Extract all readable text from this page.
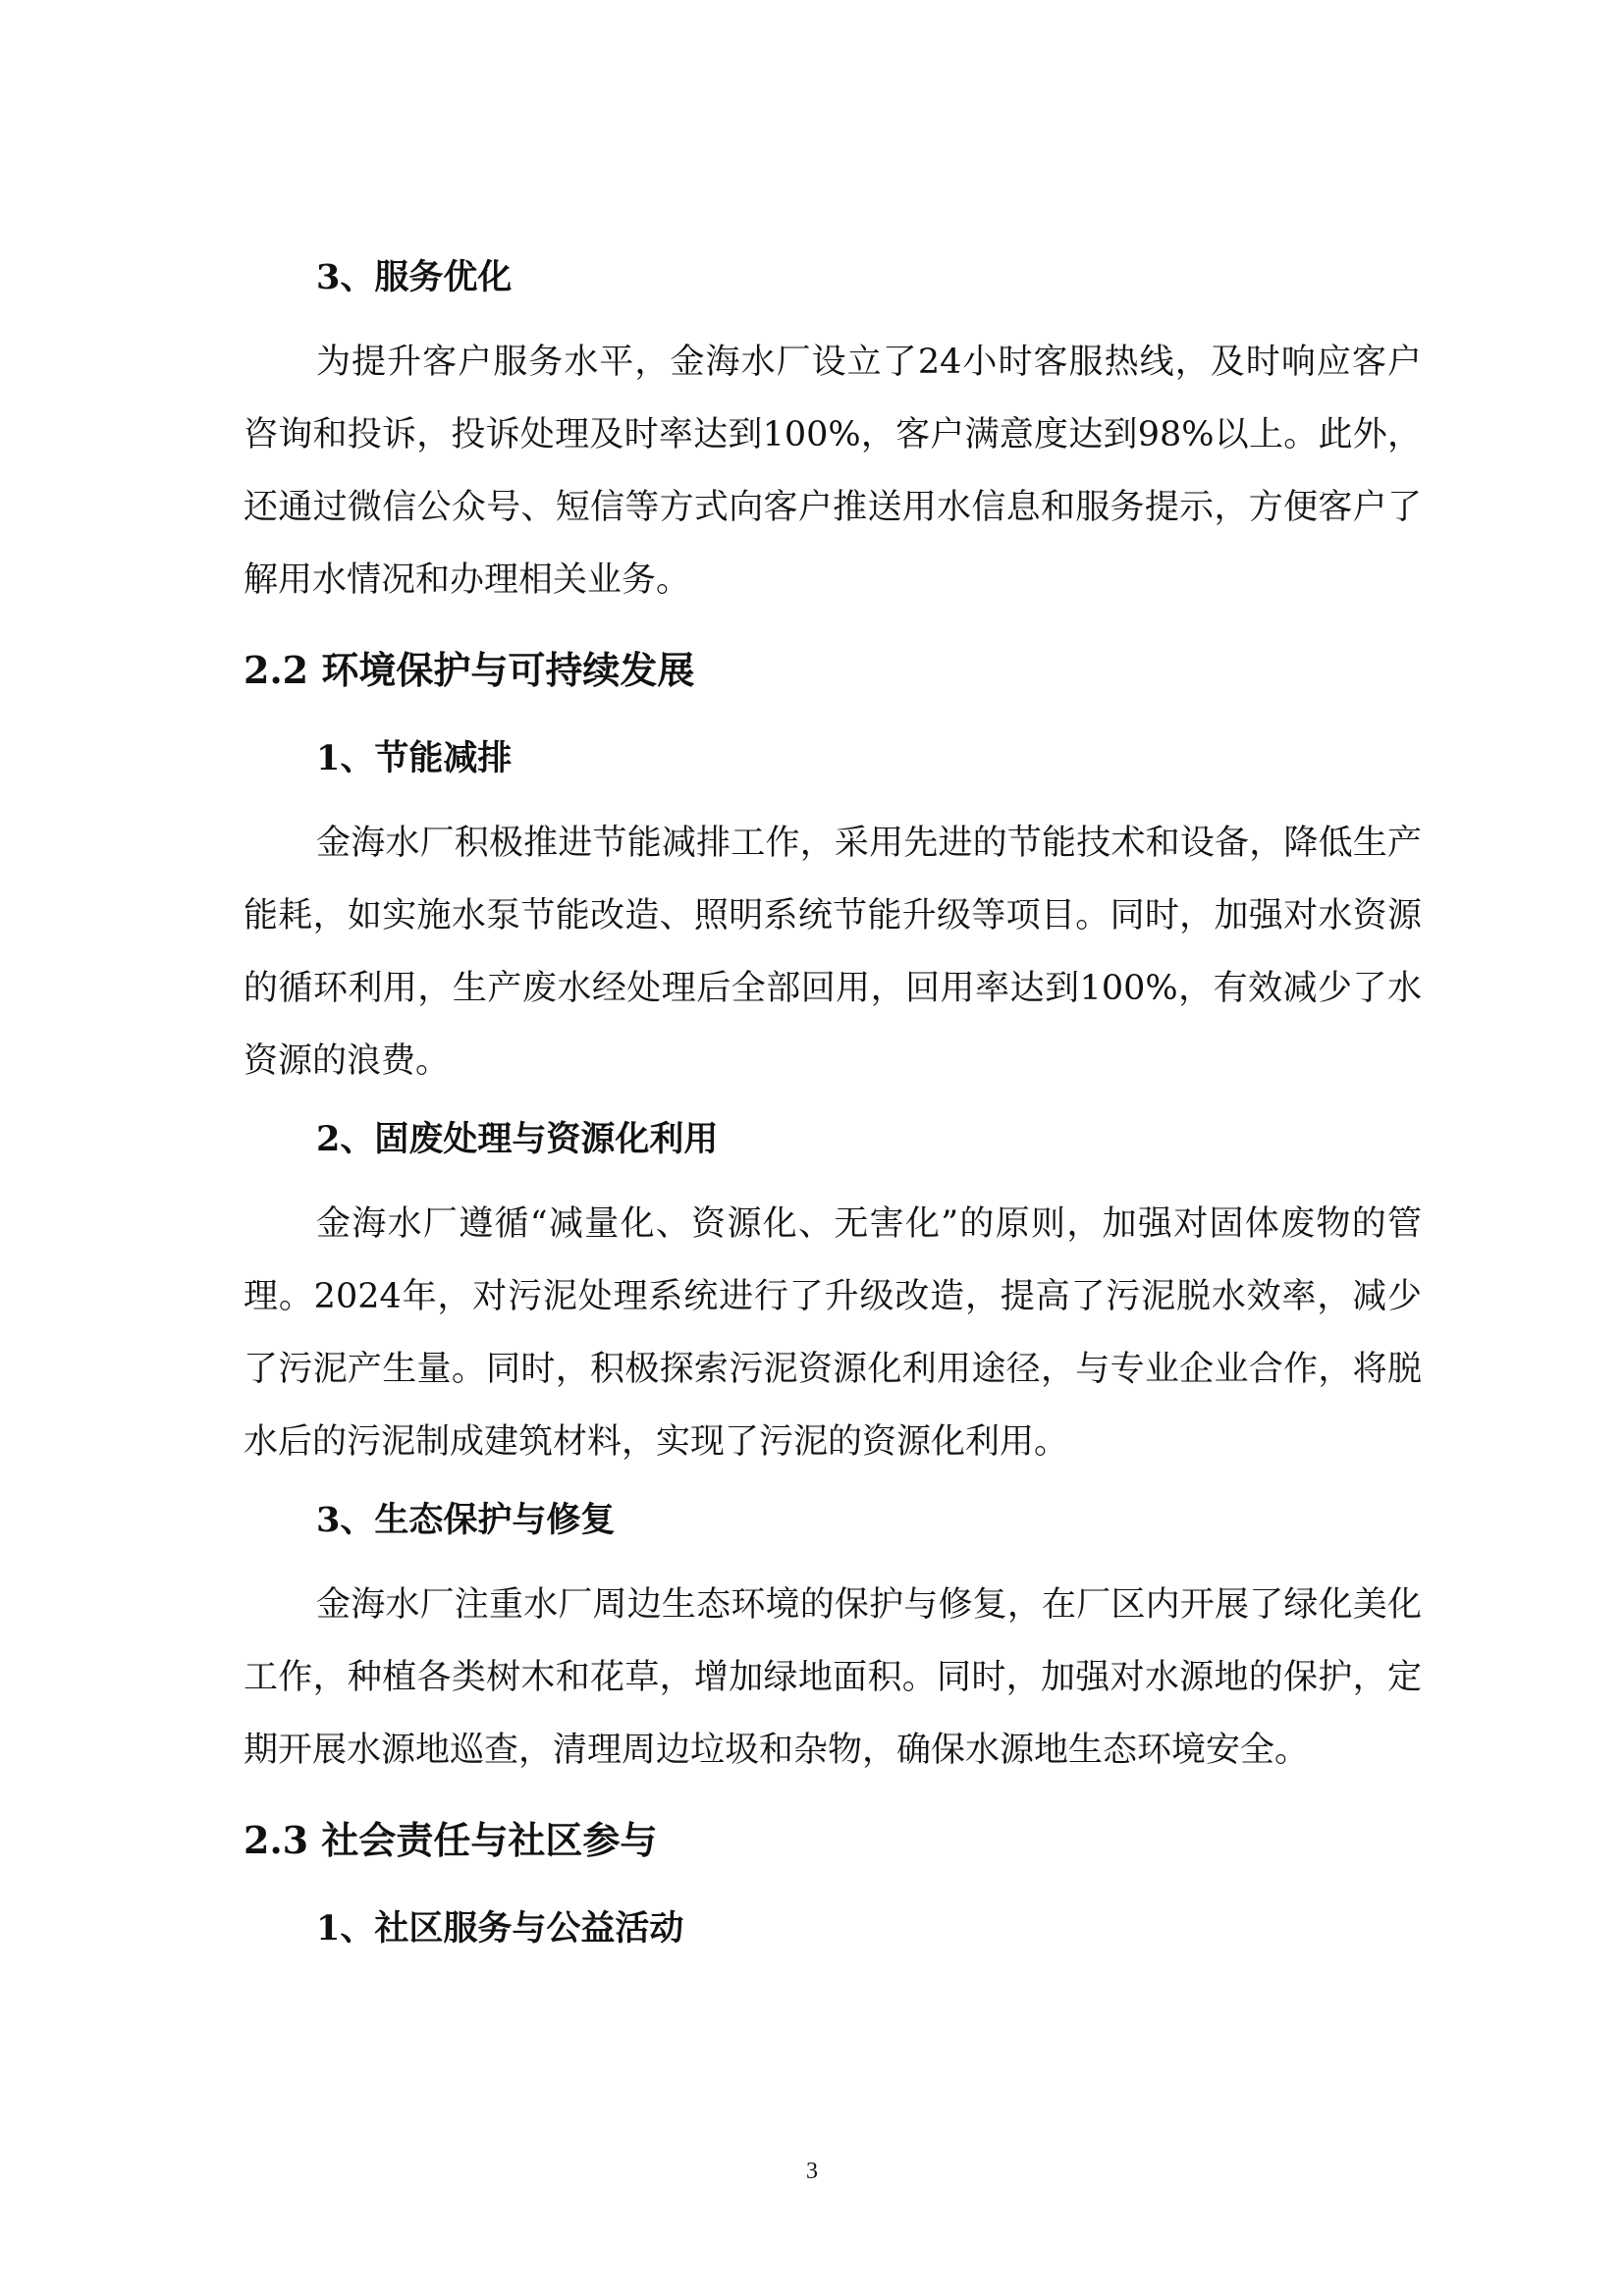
3、服务优化

为提升客户服务水平，金海水厂设立了24小时客服热线，及时响应客户咨询和投诉，投诉处理及时率达到100%，客户满意度达到98%以上。此外，还通过微信公众号、短信等方式向客户推送用水信息和服务提示，方便客户了解用水情况和办理相关业务。

2.2 环境保护与可持续发展
1、节能减排

金海水厂积极推进节能减排工作，采用先进的节能技术和设备，降低生产能耗，如实施水泵节能改造、照明系统节能升级等项目。同时，加强对水资源的循环利用，生产废水经处理后全部回用，回用率达到100%，有效减少了水资源的浪费。

2、固废处理与资源化利用

金海水厂遵循“减量化、资源化、无害化”的原则，加强对固体废物的管理。2024年，对污泥处理系统进行了升级改造，提高了污泥脱水效率，减少了污泥产生量。同时，积极探索污泥资源化利用途径，与专业企业合作，将脱水后的污泥制成建筑材料，实现了污泥的资源化利用。

3、生态保护与修复

金海水厂注重水厂周边生态环境的保护与修复，在厂区内开展了绿化美化工作，种植各类树木和花草，增加绿地面积。同时，加强对水源地的保护，定期开展水源地巡查，清理周边垃圾和杂物，确保水源地生态环境安全。

2.3 社会责任与社区参与
1、社区服务与公益活动
3
